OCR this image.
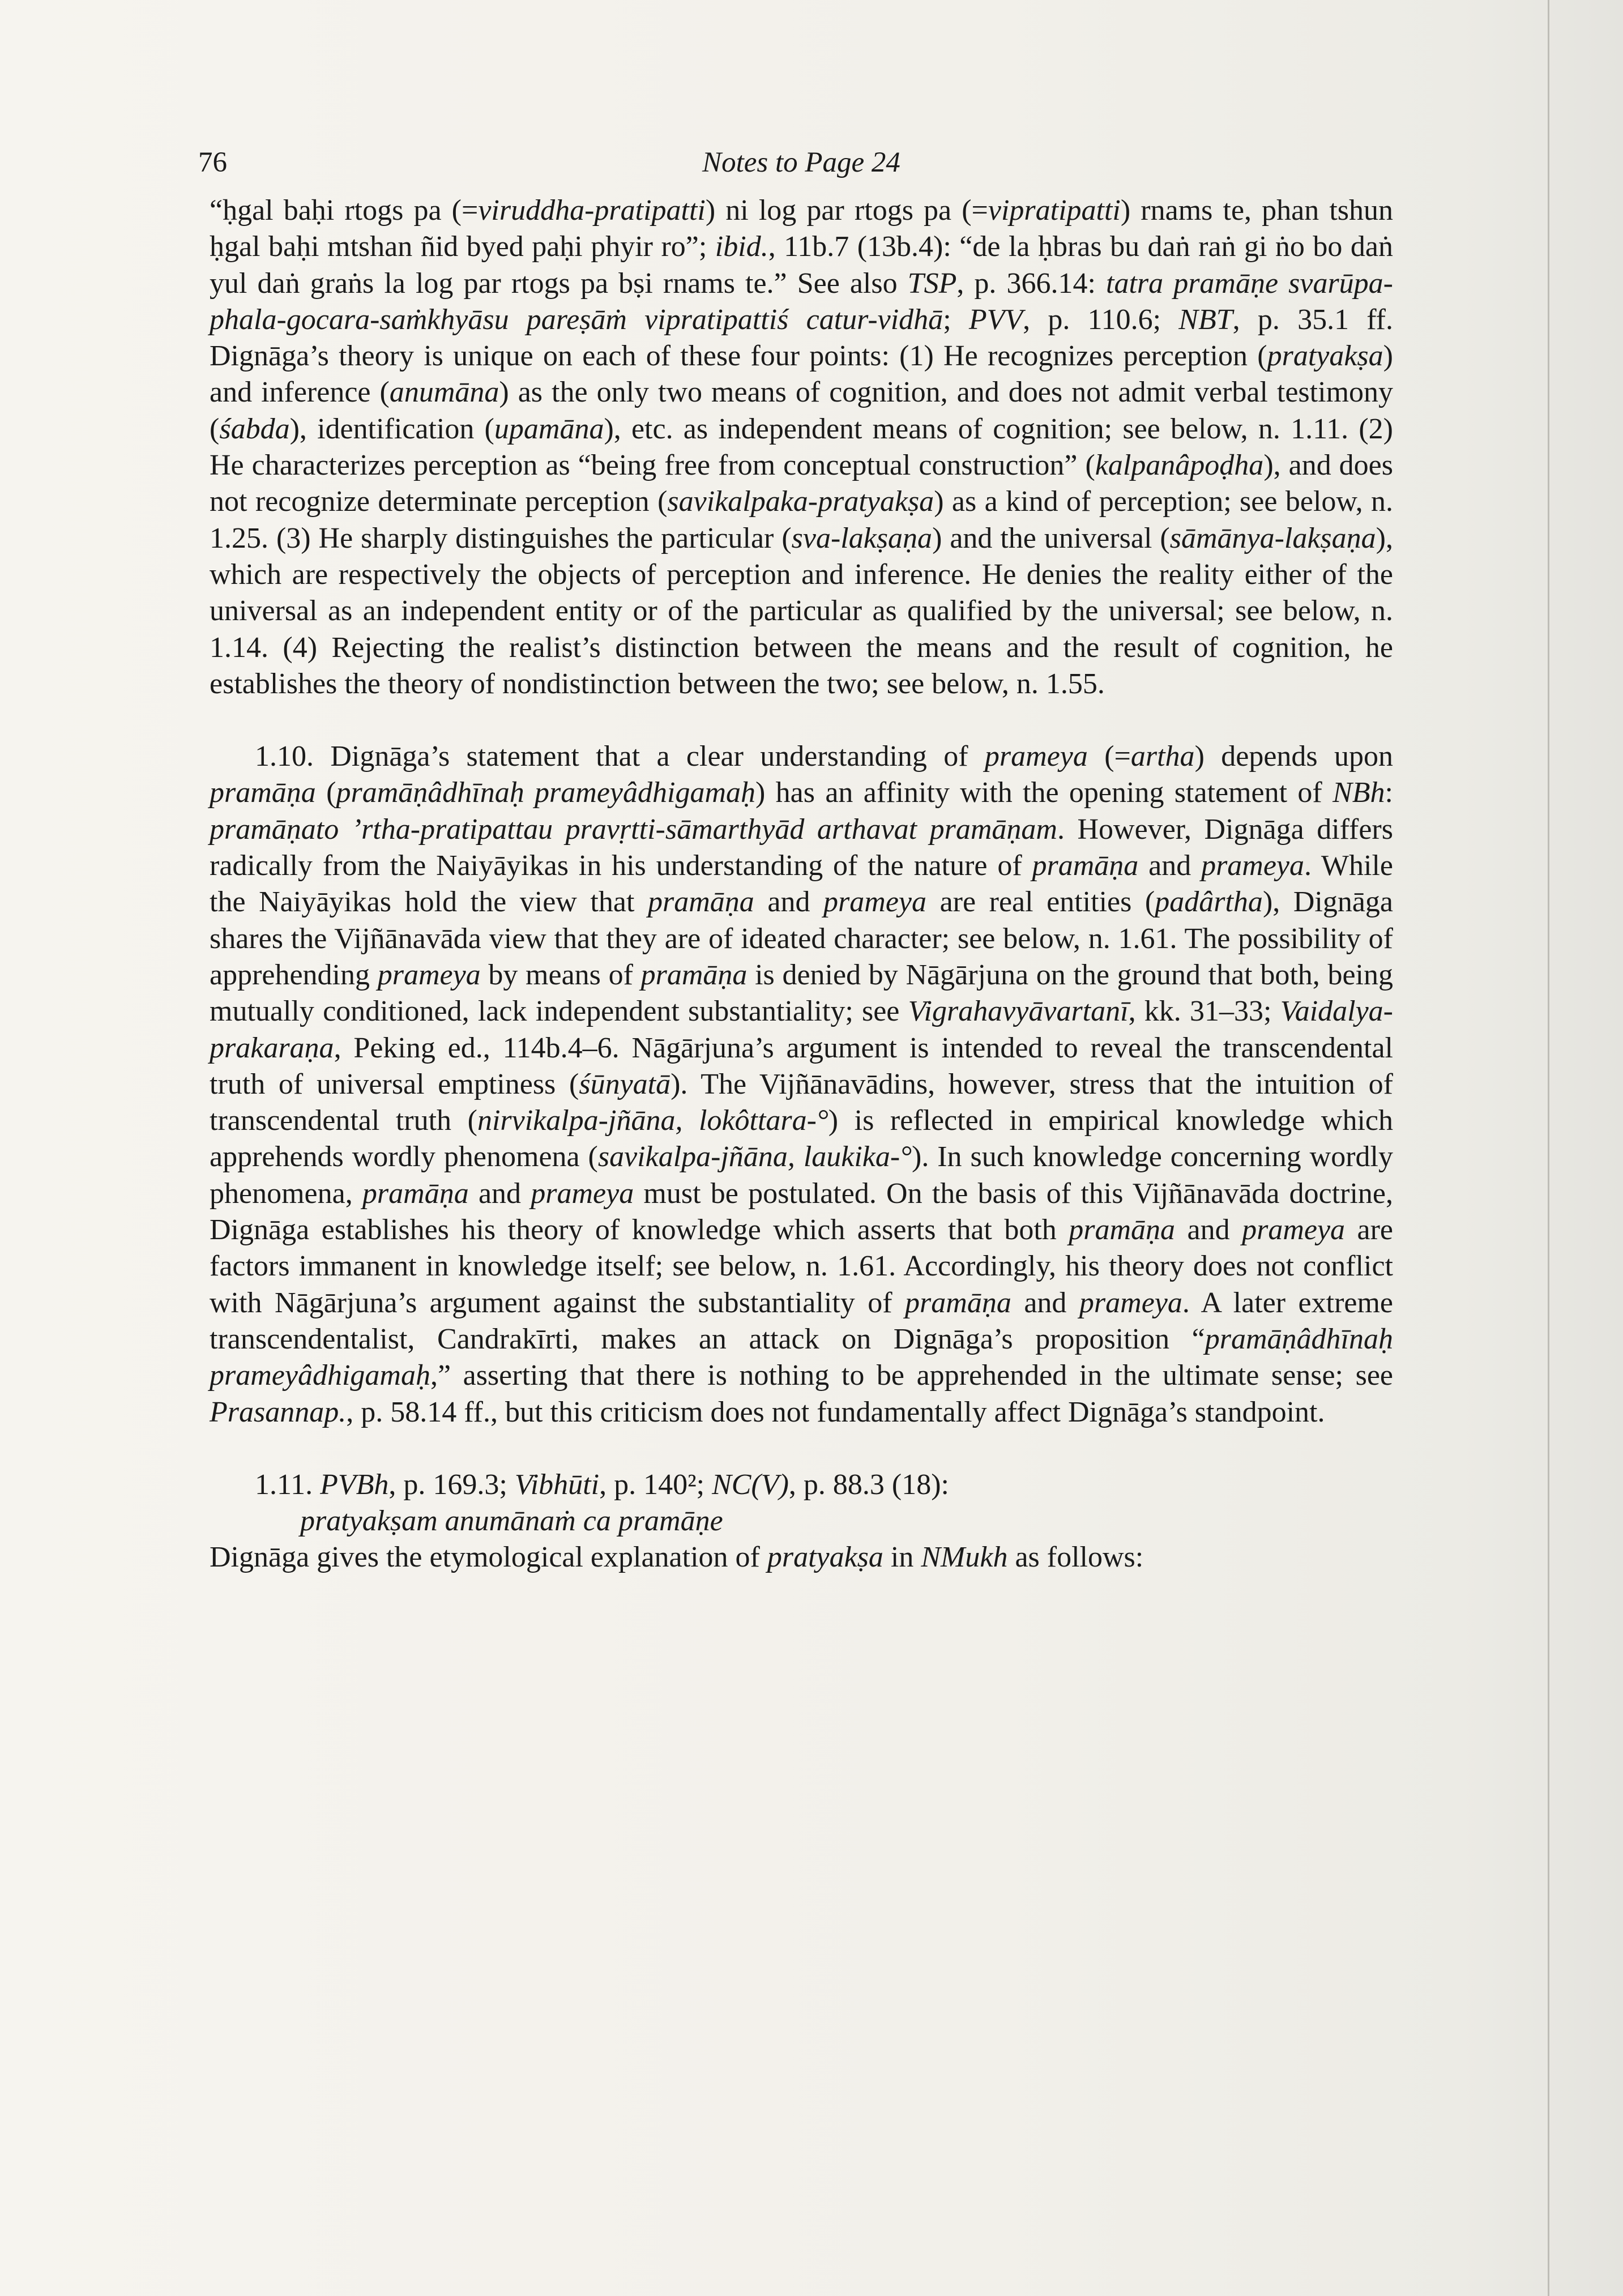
76	Notes to Page 24

“ḥgal baḥi rtogs pa (=viruddha-pratipatti) ni log par rtogs pa (=vipratipatti) rnams te, phan tshun ḥgal baḥi mtshan ñid byed paḥi phyir ro”; ibid., 11b.7 (13b.4): “de la ḥbras bu daṅ raṅ gi ṅo bo daṅ yul daṅ graṅs la log par rtogs pa bṣi rnams te.” See also TSP, p. 366.14: tatra pramāṇe svarūpa-phala-gocara-saṁkhyāsu pareṣāṁ vipratipattiś catur-vidhā; PVV, p. 110.6; NBT, p. 35.1 ff. Dignāga’s theory is unique on each of these four points: (1) He recognizes perception (pratyakṣa) and inference (anumāna) as the only two means of cognition, and does not admit verbal testimony (śabda), identification (upamāna), etc. as independent means of cognition; see below, n. 1.11. (2) He characterizes perception as “being free from conceptual construction” (kalpanâpoḍha), and does not recognize determinate perception (savikalpaka-pratyakṣa) as a kind of perception; see below, n. 1.25. (3) He sharply distinguishes the particular (sva-lakṣaṇa) and the universal (sāmānya-lakṣaṇa), which are respectively the objects of perception and inference. He denies the reality either of the universal as an independent entity or of the particular as qualified by the universal; see below, n. 1.14. (4) Rejecting the realist’s distinction between the means and the result of cognition, he establishes the theory of nondistinction between the two; see below, n. 1.55.

1.10. Dignāga’s statement that a clear understanding of prameya (=artha) depends upon pramāṇa (pramāṇâdhīnaḥ prameyâdhigamaḥ) has an affinity with the opening statement of NBh: pramāṇato ’rtha-pratipattau pravṛtti-sāmarthyād arthavat pramāṇam. However, Dignāga differs radically from the Naiyāyikas in his understanding of the nature of pramāṇa and prameya. While the Naiyāyikas hold the view that pramāṇa and prameya are real entities (padârtha), Dignāga shares the Vijñānavāda view that they are of ideated character; see below, n. 1.61. The possibility of apprehending prameya by means of pramāṇa is denied by Nāgārjuna on the ground that both, being mutually conditioned, lack independent substantiality; see Vigrahavyāvartanī, kk. 31–33; Vaidalya-prakaraṇa, Peking ed., 114b.4–6. Nāgārjuna’s argument is intended to reveal the transcendental truth of universal emptiness (śūnyatā). The Vijñānavādins, however, stress that the intuition of transcendental truth (nirvikalpa-jñāna, lokôttara-°) is reflected in empirical knowledge which apprehends wordly phenomena (savikalpa-jñāna, laukika-°). In such knowledge concerning wordly phenomena, pramāṇa and prameya must be postulated. On the basis of this Vijñānavāda doctrine, Dignāga establishes his theory of knowledge which asserts that both pramāṇa and prameya are factors immanent in knowledge itself; see below, n. 1.61. Accordingly, his theory does not conflict with Nāgārjuna’s argument against the substantiality of pramāṇa and prameya. A later extreme transcendentalist, Candrakīrti, makes an attack on Dignāga’s proposition “pramāṇâdhīnaḥ prameyâdhigamaḥ,” asserting that there is nothing to be apprehended in the ultimate sense; see Prasannap., p. 58.14 ff., but this criticism does not fundamentally affect Dignāga’s standpoint.

1.11. PVBh, p. 169.3; Vibhūti, p. 140²; NC(V), p. 88.3 (18):

pratyakṣam anumānaṁ ca pramāṇe

Dignāga gives the etymological explanation of pratyakṣa in NMukh as follows:
